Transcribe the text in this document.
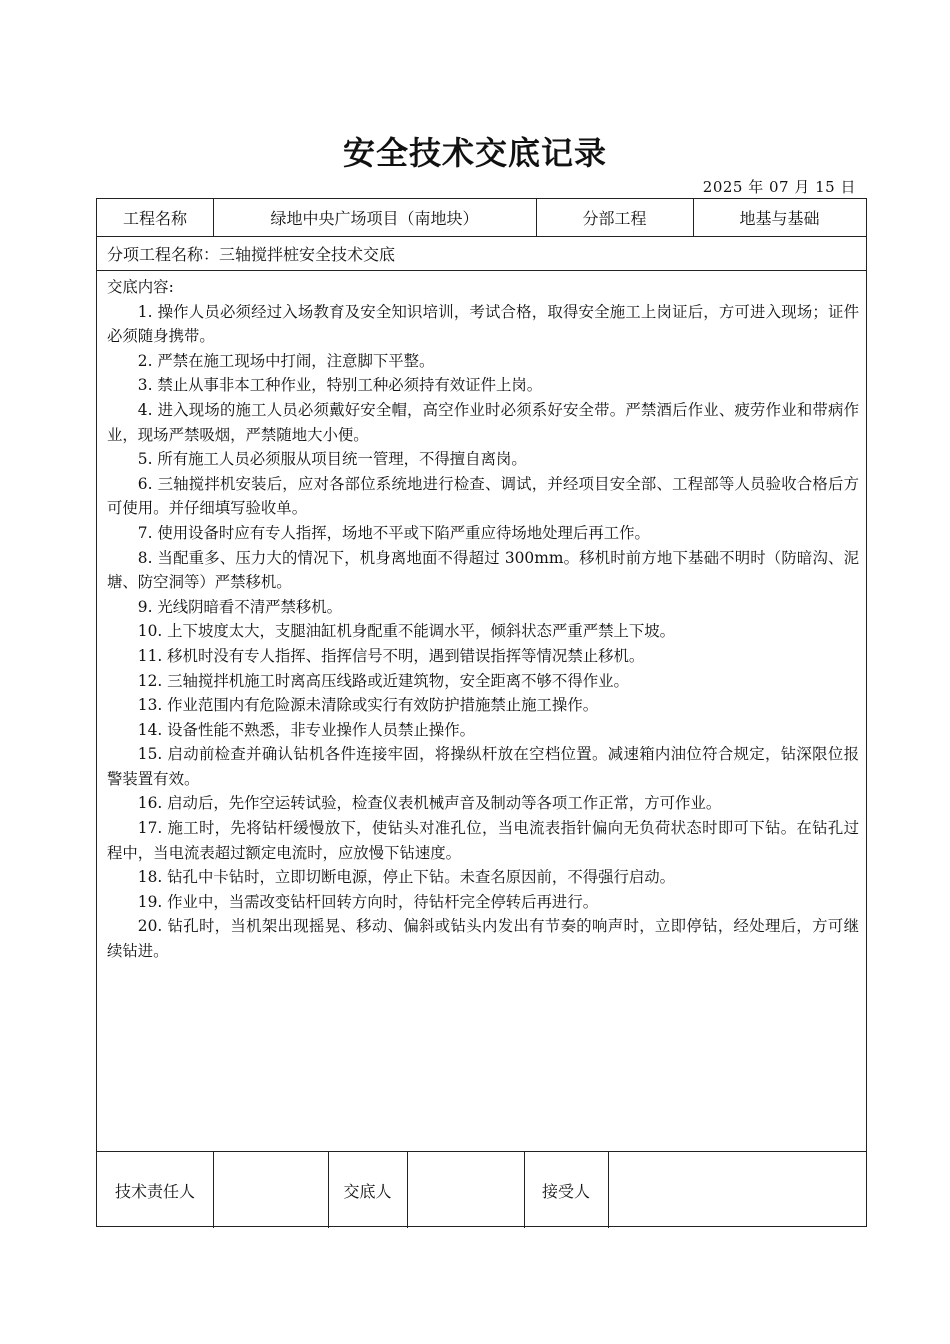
安全技术交底记录
2025 年 07 月 15 日
工程名称	绿地中央广场项目（南地块）	分部工程	地基与基础
分项工程名称：三轴搅拌桩安全技术交底

交底内容:

1. 操作人员必须经过入场教育及安全知识培训，考试合格，取得安全施工上岗证后，方可进入现场；证件必须随身携带。

2. 严禁在施工现场中打闹，注意脚下平整。

3. 禁止从事非本工种作业，特别工种必须持有效证件上岗。

4. 进入现场的施工人员必须戴好安全帽，高空作业时必须系好安全带。严禁酒后作业、疲劳作业和带病作业，现场严禁吸烟，严禁随地大小便。

5. 所有施工人员必须服从项目统一管理，不得擅自离岗。

6. 三轴搅拌机安装后，应对各部位系统地进行检查、调试，并经项目安全部、工程部等人员验收合格后方可使用。并仔细填写验收单。

7. 使用设备时应有专人指挥，场地不平或下陷严重应待场地处理后再工作。

8. 当配重多、压力大的情况下，机身离地面不得超过 300mm。移机时前方地下基础不明时（防暗沟、泥塘、防空洞等）严禁移机。

9. 光线阴暗看不清严禁移机。

10. 上下坡度太大，支腿油缸机身配重不能调水平，倾斜状态严重严禁上下坡。

11. 移机时没有专人指挥、指挥信号不明，遇到错误指挥等情况禁止移机。

12. 三轴搅拌机施工时离高压线路或近建筑物，安全距离不够不得作业。

13. 作业范围内有危险源未清除或实行有效防护措施禁止施工操作。

14. 设备性能不熟悉，非专业操作人员禁止操作。

15. 启动前检查并确认钻机各件连接牢固，将操纵杆放在空档位置。减速箱内油位符合规定，钻深限位报警装置有效。

16. 启动后，先作空运转试验，检查仪表机械声音及制动等各项工作正常，方可作业。

17. 施工时，先将钻杆缓慢放下，使钻头对准孔位，当电流表指针偏向无负荷状态时即可下钻。在钻孔过程中，当电流表超过额定电流时，应放慢下钻速度。

18. 钻孔中卡钻时，立即切断电源，停止下钻。未查名原因前，不得强行启动。

19. 作业中，当需改变钻杆回转方向时，待钻杆完全停转后再进行。

20. 钻孔时，当机架出现摇晃、移动、偏斜或钻头内发出有节奏的响声时，立即停钻，经处理后，方可继续钻进。

技术责任人	交底人	接受人
